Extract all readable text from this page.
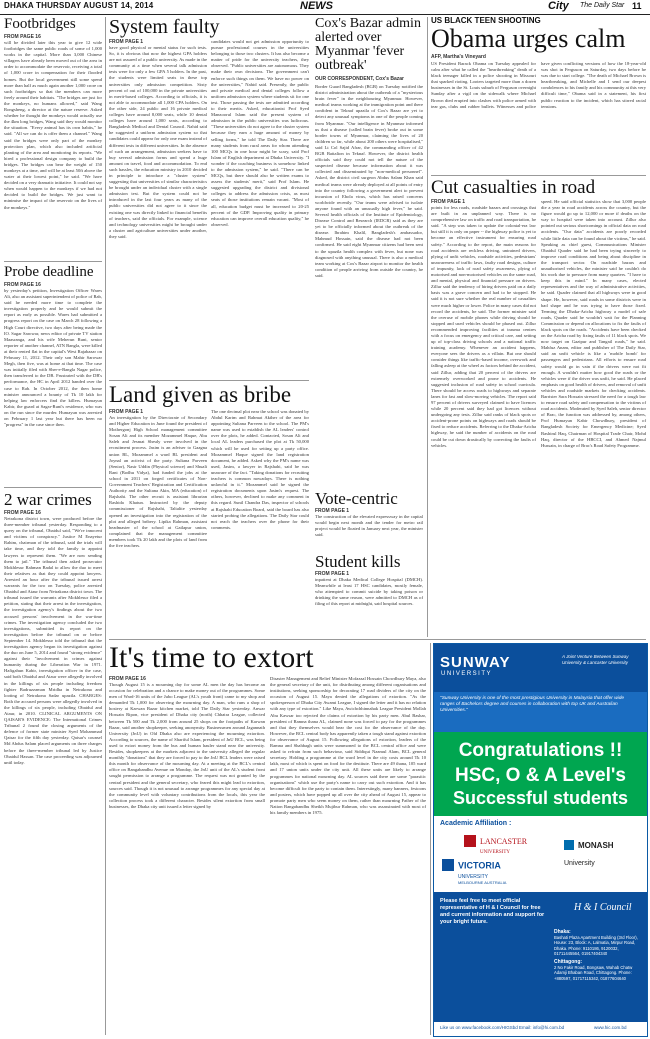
DHAKA THURSDAY AUGUST 14, 2014	NEWS	City The Daily Star 11
Footbridges
FROM PAGE 16
will be divided later this year to give 12 wide footbridges the same public roads of some of 1,000 works in the capital. More than 3,000 Chinese villagers have already been moved out of the area in order to accommodate the reservoir, receiving a total of 1,000 crore in compensation for their flooded homes. But the local government still some spend more than half as much again another 1,000 crore on such footbridges so that the members can more freely around their habitats. "The bridges are just for the monkeys, no humans allowed," said Wang Rongsheng, a director at the nature reserve. Asked whether he thought the monkeys would actually use the 4km long bridges, Wang said they would monitor the situation. "Every animal has its own habits," he said. "All we can do is offer them a channel." Wang said the bridges were only part of the monkey protection plan, which also included artificial planting of the area and monitoring its reports. "We hired a professional design company to build the bridges. The bridges can bear the weight of 150 monkeys at a time, and will be at least 50ft above the water at their lowest point," he said. "We have decided on a very dramatic initiative. It could not say when would happen to the monkeys if we had not decided to build the bridges. We just want to minimise the impact of the reservoir on the lives of the monkeys."
Probe deadline
FROM PAGE 16
by yesterday's petition, Investigation Officer Wares Ali, also an assistant superintendent of police of Rab, said he needed more time to complete the investigation properly and he would submit the report as early as possible. Wares had submitted a progress report on the case on March 28 following a High Court directive, two days after being made the IO. Sagar Sarowar, news editor of private TV station Maasranga, and his wife Meherun Runi, senior reporter of another channel, ATN Bangla, were killed at their rented flat in the capital's West Rajabazar on February 11, 2012. Their only son Mahir Sarowar Megh, then five, was at home at that time. The case was initially filed with Sher-e-Bangla Nagar police, then transferred to the DB. Frustrated with the DB's performance, the HC in April 2012 handed over the case to Rab. In October 2012, the then home minister announced a bounty of Tk 10 lakh for helping law enforcers find the killers. Humayun Kabir, the guard at Sagar-Runi's residence, who was on the run since the murder. Humayun was arrested on February 1 last year but there has been no "progress" in the case since then.
2 war crimes
FROM PAGE 16
Netrakona district town, were produced before the three-member tribunal yesterday. Responding to a query on the tribunal, Obaidul said, "We're innocent and victims of conspiracy." Justice M Enayetur Rahim, chairman of the tribunal, said the trials will take time, and they told the family to appoint lawyers to represent them. "We are now sending them to jail." The tribunal then asked prosecutor Mokhlesur Rahman Badal to allow the duo to meet their relatives as that they could appoint lawyers. Arrested an hour after the tribunal issued arrest warrants for the two on Tuesday, police arrested Obaidul and Ataur from Netrakona district town. The tribunal issued the warrants after Mokhlesur filed a petition, stating that their arrest in the investigation, the investigation agency's findings about the two accused persons' involvement in the war-time crimes. The investigation agency concluded the two investigations, submitted its report on the investigation before the tribunal on or before September 14. Mokhlesur told the tribunal that the investigation agency began its investigation against the duo on June 5, 2014 and found "strong evidence" against their "involvement in crimes against humanity during the Liberation War in 1971. Hafigahun Kabir, investigation officer in the case, said both Obaidul and Ataur were allegedly involved in the killings of six people including freedom fighter Badruzzaman Mridha in Netrakona and looting of Netrakona Sadar upazila. CHARGES: Both the accused persons were allegedly involved in the killings of six people, including Obaidul and Ataur, in 2010. CLINICAL ARGUMENTS ON QAISAR'S EVIDENCE: The International Crimes Tribunal 2 found the closing arguments of the defence of former state minister Syed Mohammad Qaisar for the fifth day yesterday. Qaisar's counsel Md Abdus Salam placed arguments on three charges before the three-member tribunal led by Justice Obaidul Hassan. The case proceeding was adjourned until today.
System faulty
FROM PAGE 1
have good physical or mental status for such tests. So, it is obvious that now the highest GPA holders are not assured of a public university. As made in the community at a time when several talk admission tests were for only a few GPA 5 holders. In the past, the students were limited seats in these top universities only admission competition. Sixty percent of out of 100,000 in the private universities in merit-based colleges. According to officials, it is not able to accommodate all 1,000 CPA holders. On the other side, 24 public and 16 private medical colleges have around 8,000 seats, while 10 dental colleges have around 1,000 seats, according to Bangladesh Medical and Dental Council. Nahid said he suggested a uniform admission system so that candidates could appear for only one exam instead of different tests in different universities. In the absence of such an arrangement, admission seekers have to buy several admission forms and spend a huge amount on travel, food and accommodation. To end such hassles, the education ministry in 2010 decided in principle to introduce a "cluster system" suggesting that universities of similar characteristics be brought under an individual cluster with a single admission test. But the system could not be introduced in the last four years as many of the public universities did not agree to it since the existing one was directly linked to financial benefits of teachers, said the officials. For example, science and technology universities might be brought under a cluster and agriculture universities under another, they said.
candidates would not get admission opportunity to pursue professional courses in the universities belonging to those two clusters. It has also become a matter of pride for the university teachers, they observed. "Public universities are autonomous. They make their own decisions. The government can't enforce such things on them. We have no power on the universities," Nahid said. Presently, the public and private medical and dental colleges follow a uniform admission system where students sit for one test. Those passing the tests are admitted according to their merits. Asked, educationist Prof Syed Manzoorul Islam said the present system of admission in the public universities was ludicrous. "These universities do not agree to the cluster system because they earn a huge amount of money by selling forms," he told The Daily Star. There are many students from rural areas for whom attending 100 MCQs in one hour might be scary, said Prof Islam of English department at Dhaka University. "I wonder if the coaching business is somehow linked to the admission system," he said. "There can be MCQs, but there should also be written exams to assess the students' merit," said Prof Islam. He suggested upgrading the district and divisional colleges to address the admission crisis, as most seats of those institutions remain vacant. "Most of all, education budget must be increased to 20-25 percent of the GDP. Improving quality in primary education can improve overall education quality," he observed.
Cox's Bazar admin alerted over Myanmar 'fever outbreak'
OUR CORRESPONDENT, Cox's Bazar
Border Guard Bangladesh (BGB) on Tuesday notified the district administration about the outbreak of a "mysterious brain fever" in the neighbouring Myanmar. However, medical teams working at the immigration point and there confident in Teknaf upazila of Cox's Bazar are yet to detect any unusual symptoms in one of the people coming from Myanmar. "Our intelligence in Myanmar informed us that a disease (called brain fever) broke out in some border towns of Myanmar, claiming the lives of 20 children so far, while about 200 others were hospitalised," said Lt Col Sajid Afrar, the commanding officer of 42 BGB Battalion in Teknaf. However, the district health officials said they could not tell the nature of the suspected disease because information about it was collected and disseminated by "non-medical personnel". Asked, the district civil surgeon Abdus Salam Khan said medical teams were already deployed at all points of entry into the country following a government alert to prevent incursion of Ebola virus, which has raised concerns worldwide recently. "Our teams were advised to isolate anyone found with an unusually high fever," he said. Several health officials of the Institute of Epidemiology, Disease Control and Research (IEDCR) said as they are yet to be officially informed about the outbreak of the disease. Ibrahim Khalil, Bangladesh's ambassador, Mahmud Hossain, said the disease had not been confirmed. He said eight Myanmar citizens had been sent to the upazila health complex with fever, but none was diagnosed with anything unusual. There is also a medical team working at Cox's Bazar airport to monitor the health condition of people arriving from outside the country, he said.
Vote-centric
FROM PAGE 1
The construction of the elevated expressway in the capital would begin next month and the tender for metro rail project would be floated in January next year, the minister said.
Student kills
FROM PAGE 1
inpatient at Dhaka Medical College Hospital (DMCH). Meanwhile at least 17 HSC candidates, mostly female, who attempted to commit suicide by taking poison or drinking the same reason, were admitted to DMCH as of filing of this report at midnight, said hospital sources.
US BLACK TEEN SHOOTING
Obama urges calm
AFP, Martha's Vineyard
US President Barack Obama on Tuesday appealed for calm after what he called the "heartbreaking" death of a black teenager killed in a police shooting in Missouri that sparked rioting. Looters targeted more than a dozen businesses in the St. Louis suburb of Ferguson overnight Sunday after a vigil on the sidewalk where Michael Brown died erupted into clashes with police armed with tear gas, clubs and rubber bullets. Witnesses and police have given conflicting versions of how the 18-year-old was shot in Ferguson on Saturday, two days before he was due to start college. "The death of Michael Brown is heartbreaking, and Michelle and I send our deepest condolences to his family and his community at this very difficult time," Obama said in a statement, his first public reaction to the incident, which has stirred racial tensions.
Cut casualties in road
FROM PAGE 1
points for less roads, roadside bazars and crossings that are built in an unplanned way. There is no comprehensive law on traffic and road transportation, he said. "A step was taken to update the colonial-era law but still it is only on paper -- the highway police is yet to become an effective instrument for ensuring road safety." According to the report, the main reasons for road accidents are reckless driving, untrained drivers, plying of unfit vehicles, roadside activities, pedestrians' unawareness of traffic laws, faulty road designs, culture of impunity, lack of road safety awareness, plying of motorised and non-motorised vehicles on the same road, and mental, physical and financial pressure on drivers. Zillur said the tendency of hiring drivers paid on a daily basis was a grave concern and had to be stopped. He said it is not sure whether the real number of casualties were much higher or lower. Police in many cases did not record the accidents, he said. The former minister said the overuse of mobile phones while driving should be stopped and used vehicles should be phased out. Zillur recommended improving facilities at trauma centres with a focus on emergency and critical care, and setting up of top-class driving schools and a national traffic training academy. Whenever an accident happens, everyone sees the drivers as a villain. But one should consider things like traffic-based income, overwork and falling asleep at the wheel as factors behind the accident, said Zillur, adding that 20 percent of the drivers are extremely overworked and prone to accidents. He suggested inclusion of road safety in school curricula. There should be access roads to highways and separate lanes for fast and slow-moving vehicles. The report said 97 percent of drivers surveyed claimed to have licences while 20 percent said they had got licences without undergoing any tests. Zillur said ranks of black spots or accident-prone points on highways and roads should be fixed to reduce accidents. Referring to the Dhaka-Aricha highway, he said the number of accidents on the road could be cut down drastically by correcting the faults of vehicles.
speed. He said official statistics show that 3,000 people die a year in road accidents across the country, but the figure would go up to 12,000 or more if deaths on the way to hospital were taken into account. Zillur also pointed out serious shortcomings in official data on road accidents. "Our data" accidents are poorly recorded while little data can be found about the victims," he said. Speaking as chief guest, Communications Minister Obaidul Quader said he had been trying sincerely to improve road conditions and being about discipline in the transport sector. On roadside bazars and unauthorised vehicles, the minister said he couldn't do his work due to pressure from many quarters. "I have to keep this in mind." In many cases, elected representatives and the way of administrative activities, he said. Quader claimed that all highways were in good shape. He, however, said roads in some districts were in bad shape and he was trying to have those fixed. Terming the Dhaka-Aricha highway a model of safe roads, Quader said he wouldn't wait for the Planning Commission or depend on allocations to fix the faults of black spots on the roads. "Accidents have been checked on the Aricha road by fixing faults of 11 black spots. We now target on Gazipur and Tangail roads," he said. Mahfuz Anam, editor and publisher of The Daily Star, said an unfit vehicle is like a 'mobile bomb' for passengers and pedestrians. All efforts to ensure road safety would go in vain if the drivers were not fit enough. A wouldn't matter how good the roads or the vehicles were if the driver was unfit, he said. He placed emphasis on good health of drivers, and removal of unfit vehicles and roadside markets for checking accidents. Barrister Sara Hossain stressed the need for a tough law to ensure road safety and compensation to the victims of road accidents. Moderated by Syed Saleh, senior director of Brac, the function was addressed by, among others, Prof Humayun Kabir Chowdhury, president of Bangladesh Society for Emergency Medicine; Syed Bashirul Haq, Chairman of Hospital Trade Chair, Mohd Haq, director of the HBCCI, and Ahmed Najmul Hussain, in charge of Brac's Road Safety Programme.
Land given as bribe
FROM PAGE 1
An investigation by the Directorate of Secondary and Higher Education in June found the president of Mothergonj High School management committee Sosan Ali and its member Mozammel Haque, Abu Saleh and Jesmat Sheuly were involved in the recruitment process. Jasim is an adviser to Gaagna union BL, Mozammel a ward BL president and Joynal an activist of the party. Sultana Parveen (Senior), Nasir Uddin (Physical science) and Shuali Rani (Bodhu Vidya), had funded the jobs at the school in 2011 on forged certificates of Non-Government Teachers' Registration and Certification Authority and the Sultana Akin, MA (education) of Rajshahi. The other recruit is assistant librarian Rashida Khatun. Instructed by the deputy commissioner of Rajshahi, Taltalite yesterday opened an investigation into the registration of the plot and alleged bribery. Lipika Rahman, assistant headmaster of the school at Gailapur union, complained that the management committee members took Tk 20 lakh and the plots of land from the five teachers.
The one decimal plot near the school was donated by Abdul Karim and Rahmat Akther of the area for appointing Sultana Parveen to the school. The PM's name was used to establish the AL leaders' control over the plots, he added. Contacted, Sosan Ali and local AL leaders purchased the plot at Tk 50,000 which will be used for setting up a party office. Mozammel Haque signed the land registration document, he added. Asked why the PM's name was used, Jasim, a lawyer in Rajshahi, said he was unaware of the fact. "Taking donations for recruiting teachers is common nowadays. There is nothing unlawful in it." Mozammel said he signed the registration documents upon Jasim's request. The others, however, declined to make any comment in this regard. Sunil Chandra Das, inspector of schools at Rajshahi Education Board, said the board has also started probing the allegations. The Daily Star could not reach the teachers over the phone for their comments.
It's time to extort
FROM PAGE 16
Though August 15 is a mourning day for some AL men the day has become an occasion for celebration and a chance to make money out of the programmes. Some men of Ward-16 units of the Jubo League (AL's youth front) came to my shop and demanded Tk 1,000 for observing the mourning day. A man, who runs a shop of hosiery at Karwan Bazar kitchen market, told The Daily Star yesterday. Anwar Hossain Ripon, vice president of Dhaka city (north) Chhatra League, collected between Tk 500 and Tk 2,000 from around 25 shops on the footpaths of Karwan Bazar, said another shopkeeper, seeking anonymity. Businessmen around Jagannath University (JnU) in Old Dhaka also are experiencing the mourning extortion. According to sources, the name of Shariful Islam, president of JnU BCL, was being used to extort money from the bus and human hauler stand near the university. Besides, shopkeepers at the markets adjacent to the university alleged the regular monthly "donations" that they are forced to pay to the JnU BCL leaders were raised this month for observance of the mourning day. At a meeting at the BCL's central office on Bangabandhu Avenue on Monday, the JnU unit of the AL's student front sought permission to arrange a programme. The request was not granted by the central president and the general secretary, who feared this might lead to extortion, sources said. Though it is not unusual to arrange programmes for any special day at the community level with voluntary contributions from the locals, this year the collection process took a different character. Besides silent extortion from small businesses, the Dhaka city unit issued a letter signed by
Disaster Management and Relief Minister Mofazzal Hossain Chowdhury Maya, also the general secretary of the unit, for distributing among different organisations and institutions, seeking sponsorship for decorating 17 road dividers of the city on the occasion of August 15. Maya denied the allegations of extortion. "As the spokesperson of Dhaka City Awami League, I signed the letter and it has no relation with any type of extortion." Like Maya, Awichchhinnahak League President Mollah Abu Kawsar too rejected the claims of extortion by his party men. Abul Bashar, president of Ramna thana AL, claimed none was forced to pay for the programmes and that they themselves would bear the cost for the observance of the day. However, the BCL central body has apparently taken a tough stand against extortion for observance of August 15. Following allegations of extortion, leaders of the Ramna and Shahbagh units were summoned to the BCL central office and were asked to refrain from such behaviour, said Siddiqui Nazmul Alam, BCL general secretary. Holding a programme at the ward level in the city costs around Tk 10 lakh, most of which is spent on food for the destitute. There are 49 thana, 105 ward and 17 union units under the city unit. All these units are likely to arrange programmes for national mourning day. AL sources said there are some "parasitic organisations" which use the party's name to carry out such extortion. And it has become difficult for the party to contain them. Interestingly, many banners, festoons and posters, which have popped up all over the city ahead of August 15, appear to promote party men who seem money on them, rather than mourning Father of the Nation Bangabandhu Sheikh Mujibur Rahman, who was assassinated with most of his family members in 1975.
SUNWAY
UNIVERSITY
A Joint Venture Between Sunway University & Lancaster University
"Sunway University is one of the most prestigious University in Malaysia that offer wide ranges of Bachelors degree and courses in collaboration with top UK and Australian Universities."
Congratulations !!
HSC, O & A Level's
Successful students
Academic Affiliation :
LANCASTER
UNIVERSITY
MONASH University
VICTORIA
UNIVERSITY
MELBOURNE AUSTRALIA
Please feel free to meet official representative of H & I Council for free and current information and support for your bright future.
H & I Council
Dhaka:
Bashati Plaza Apartment Building (3rd Floor), House: 23, Block: A, Lalmatia, Mirpur Road, Dhaka. Phone: 9110186, 9120032, 01711445564, 01917404340
Chittagong:
2 No Fakir Road, Bongsaw, Wahab Chatw Adamji Bhaban Road, Chittagong. Phone: +880597, 01717115342, 01877604640
Like us on www.facebook.com/HIGSbd Email: info@hi.com.bd	www.hic.com.bd
